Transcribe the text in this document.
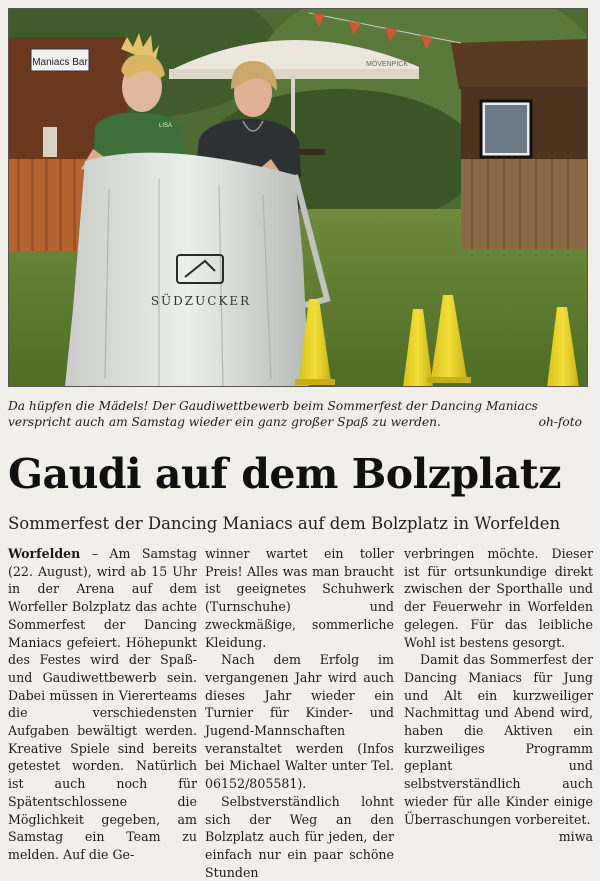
Maniacs Bar	MÖVENPICK
LISA
SÜDZUCKER
Da hüpfen die Mädels! Der Gaudiwettbewerb beim Sommerfest der Dancing Maniacs verspricht auch am Samstag wieder ein ganz großer Spaß zu werden.	oh-foto
Gaudi auf dem Bolzplatz
Sommerfest der Dancing Maniacs auf dem Bolzplatz in Worfelden

Worfelden – Am Samstag (22. August), wird ab 15 Uhr in der Arena auf dem Worfeller Bolzplatz das achte Sommerfest der Dancing Maniacs gefeiert. Höhepunkt des Festes wird der Spaß- und Gaudiwettbewerb sein. Dabei müssen in Viererteams die verschiedensten Aufgaben bewältigt werden. Kreative Spiele sind bereits getestet worden. Natürlich ist auch noch für Spätentschlossene die Möglichkeit gegeben, am Samstag ein Team zu melden. Auf die Ge-

winner wartet ein toller Preis! Alles was man braucht ist geeignetes Schuhwerk (Turnschuhe) und zweckmäßige, sommerliche Kleidung.

Nach dem Erfolg im vergangenen Jahr wird auch dieses Jahr wieder ein Turnier für Kinder- und Jugend-Mannschaften veranstaltet werden (Infos bei Michael Walter unter Tel. 06152/805581).

Selbstverständlich lohnt sich der Weg an den Bolzplatz auch für jeden, der einfach nur ein paar schöne Stunden

verbringen möchte. Dieser ist für ortsunkundige direkt zwischen der Sporthalle und der Feuerwehr in Worfelden gelegen. Für das leibliche Wohl ist bestens gesorgt.

Damit das Sommerfest der Dancing Maniacs für Jung und Alt ein kurzweiliger Nachmittag und Abend wird, haben die Aktiven ein kurzweiliges Programm geplant und selbstverständlich auch wieder für alle Kinder einige Überraschungen vorbereitet.

miwa
